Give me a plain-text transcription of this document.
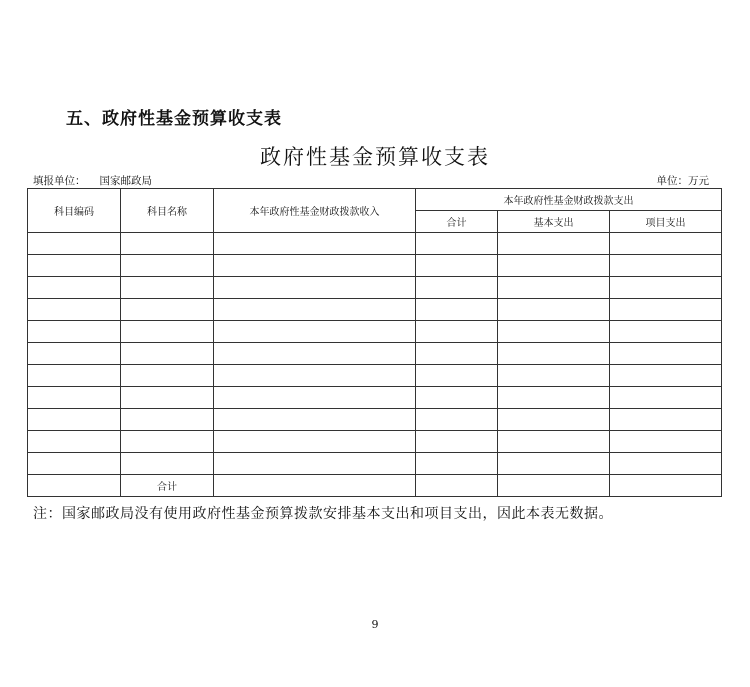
五、政府性基金预算收支表
政府性基金预算收支表
填报单位： 国家邮政局	单位：万元
科目编码	科目名称	本年政府性基金财政拨款收入	本年政府性基金财政拨款支出		
			合计	基本支出	项目支出

	合计				
注：国家邮政局没有使用政府性基金预算拨款安排基本支出和项目支出，因此本表无数据。
9
